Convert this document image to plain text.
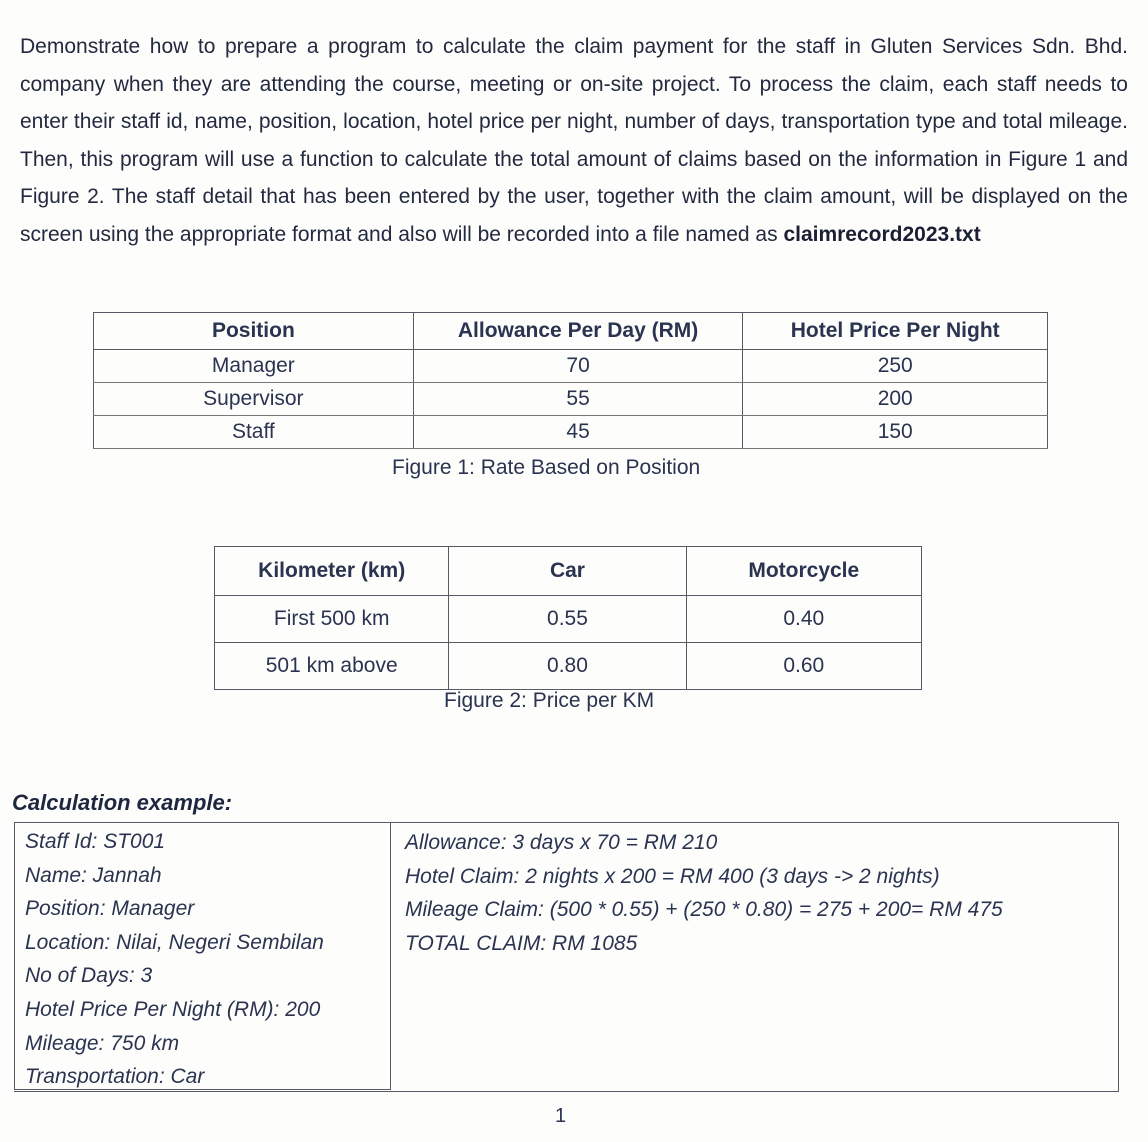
Demonstrate how to prepare a program to calculate the claim payment for the staff in Gluten Services Sdn. Bhd. company when they are attending the course, meeting or on-site project. To process the claim, each staff needs to enter their staff id, name, position, location, hotel price per night, number of days, transportation type and total mileage. Then, this program will use a function to calculate the total amount of claims based on the information in Figure 1 and Figure 2. The staff detail that has been entered by the user, together with the claim amount, will be displayed on the screen using the appropriate format and also will be recorded into a file named as claimrecord2023.txt
Position	Allowance Per Day (RM)	Hotel Price Per Night
Manager	70	250
Supervisor	55	200
Staff	45	150
Figure 1: Rate Based on Position
Kilometer (km)	Car	Motorcycle
First 500 km	0.55	0.40
501 km above	0.80	0.60
Figure 2: Price per KM
Calculation example:
Staff Id: ST001
Name: Jannah
Position: Manager
Location: Nilai, Negeri Sembilan
No of Days: 3
Hotel Price Per Night (RM): 200
Mileage: 750 km
Transportation: Car
Allowance: 3 days x 70 = RM 210
Hotel Claim: 2 nights x 200 = RM 400 (3 days -> 2 nights)
Mileage Claim: (500 * 0.55) + (250 * 0.80) = 275 + 200= RM 475
TOTAL CLAIM: RM 1085
1
